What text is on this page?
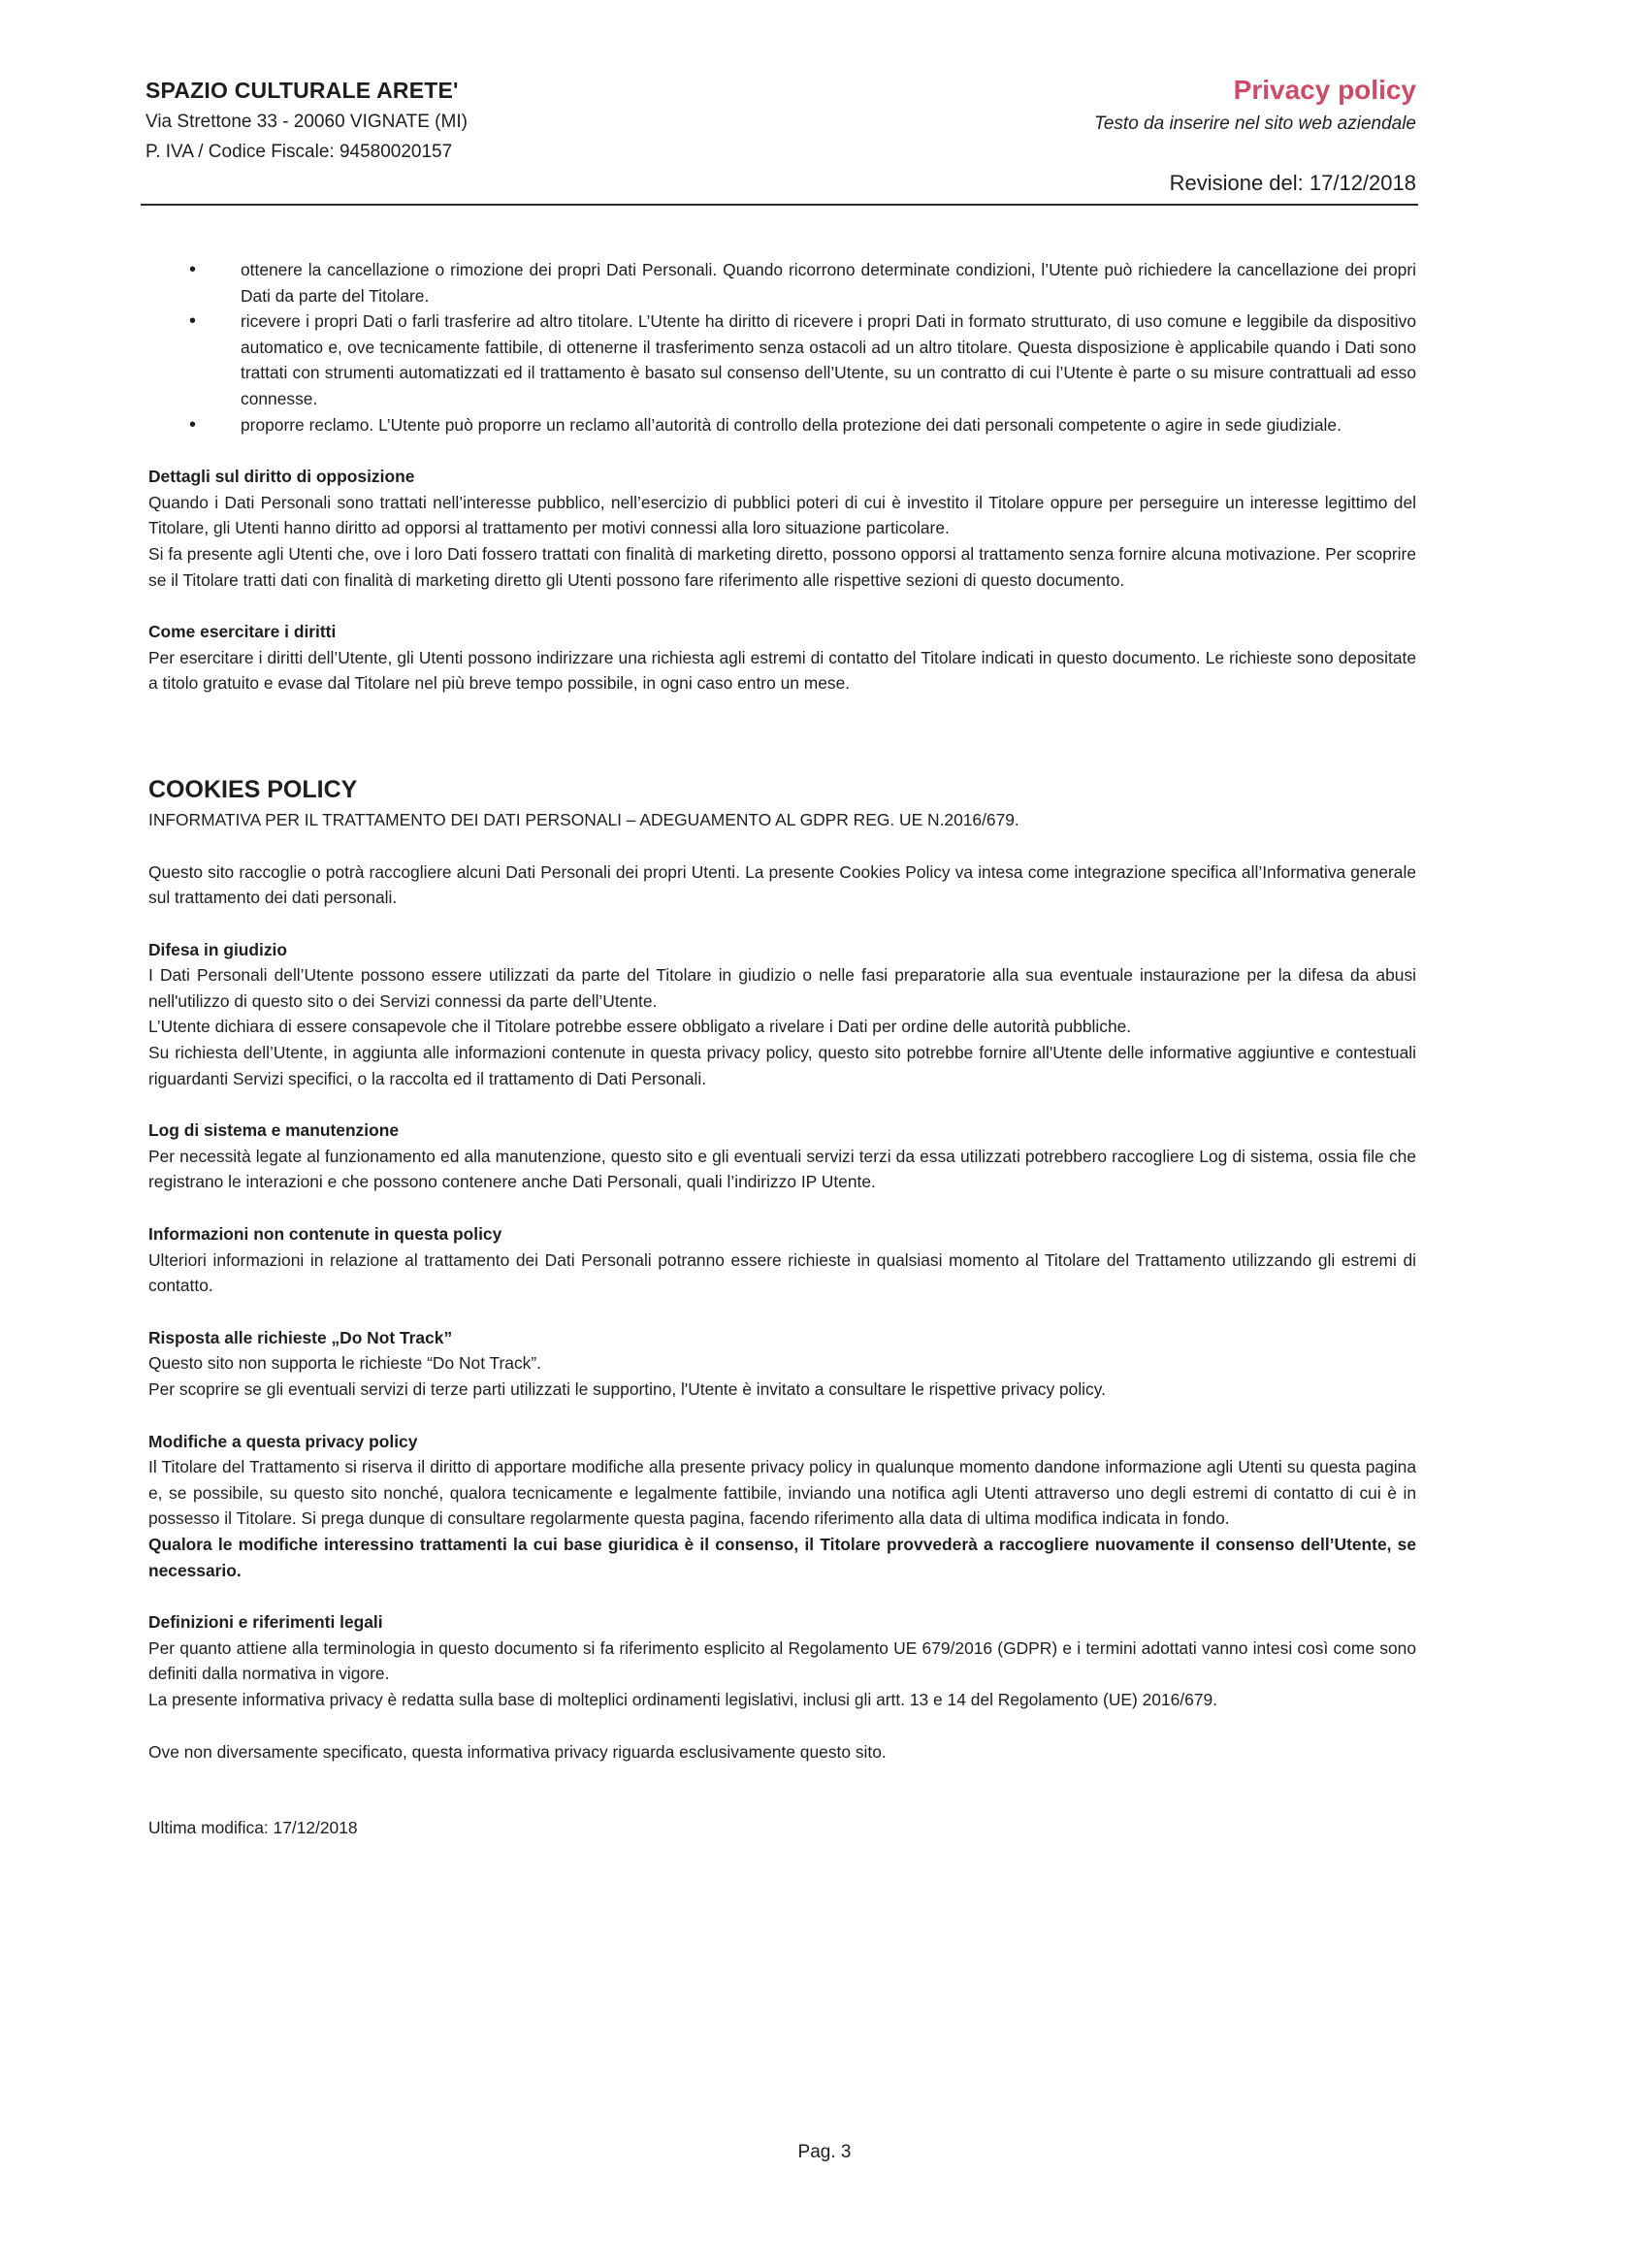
SPAZIO CULTURALE ARETE'

Via Strettone 33 - 20060 VIGNATE (MI)

P. IVA / Codice Fiscale: 94580020157

Privacy policy

Testo da inserire nel sito web aziendale

Revisione del: 17/12/2018
• ottenere la cancellazione o rimozione dei propri Dati Personali. Quando ricorrono determinate condizioni, l’Utente può richiedere la cancellazione dei propri Dati da parte del Titolare.
• ricevere i propri Dati o farli trasferire ad altro titolare. L’Utente ha diritto di ricevere i propri Dati in formato strutturato, di uso comune e leggibile da dispositivo automatico e, ove tecnicamente fattibile, di ottenerne il trasferimento senza ostacoli ad un altro titolare. Questa disposizione è applicabile quando i Dati sono trattati con strumenti automatizzati ed il trattamento è basato sul consenso dell’Utente, su un contratto di cui l’Utente è parte o su misure contrattuali ad esso connesse.
• proporre reclamo. L’Utente può proporre un reclamo all’autorità di controllo della protezione dei dati personali competente o agire in sede giudiziale.

Dettagli sul diritto di opposizione

Quando i Dati Personali sono trattati nell’interesse pubblico, nell’esercizio di pubblici poteri di cui è investito il Titolare oppure per perseguire un interesse legittimo del Titolare, gli Utenti hanno diritto ad opporsi al trattamento per motivi connessi alla loro situazione particolare.

Si fa presente agli Utenti che, ove i loro Dati fossero trattati con finalità di marketing diretto, possono opporsi al trattamento senza fornire alcuna motivazione. Per scoprire se il Titolare tratti dati con finalità di marketing diretto gli Utenti possono fare riferimento alle rispettive sezioni di questo documento.

Come esercitare i diritti

Per esercitare i diritti dell’Utente, gli Utenti possono indirizzare una richiesta agli estremi di contatto del Titolare indicati in questo documento. Le richieste sono depositate a titolo gratuito e evase dal Titolare nel più breve tempo possibile, in ogni caso entro un mese.

COOKIES POLICY

INFORMATIVA PER IL TRATTAMENTO DEI DATI PERSONALI – ADEGUAMENTO AL GDPR REG. UE N.2016/679.

Questo sito raccoglie o potrà raccogliere alcuni Dati Personali dei propri Utenti. La presente Cookies Policy va intesa come integrazione specifica all’Informativa generale sul trattamento dei dati personali.

Difesa in giudizio

I Dati Personali dell’Utente possono essere utilizzati da parte del Titolare in giudizio o nelle fasi preparatorie alla sua eventuale instaurazione per la difesa da abusi nell'utilizzo di questo sito o dei Servizi connessi da parte dell’Utente.

L’Utente dichiara di essere consapevole che il Titolare potrebbe essere obbligato a rivelare i Dati per ordine delle autorità pubbliche.

Su richiesta dell’Utente, in aggiunta alle informazioni contenute in questa privacy policy, questo sito potrebbe fornire all'Utente delle informative aggiuntive e contestuali riguardanti Servizi specifici, o la raccolta ed il trattamento di Dati Personali.

Log di sistema e manutenzione

Per necessità legate al funzionamento ed alla manutenzione, questo sito e gli eventuali servizi terzi da essa utilizzati potrebbero raccogliere Log di sistema, ossia file che registrano le interazioni e che possono contenere anche Dati Personali, quali l’indirizzo IP Utente.

Informazioni non contenute in questa policy

Ulteriori informazioni in relazione al trattamento dei Dati Personali potranno essere richieste in qualsiasi momento al Titolare del Trattamento utilizzando gli estremi di contatto.

Risposta alle richieste „Do Not Track”

Questo sito non supporta le richieste “Do Not Track”.

Per scoprire se gli eventuali servizi di terze parti utilizzati le supportino, l'Utente è invitato a consultare le rispettive privacy policy.

Modifiche a questa privacy policy

Il Titolare del Trattamento si riserva il diritto di apportare modifiche alla presente privacy policy in qualunque momento dandone informazione agli Utenti su questa pagina e, se possibile, su questo sito nonché, qualora tecnicamente e legalmente fattibile, inviando una notifica agli Utenti attraverso uno degli estremi di contatto di cui è in possesso il Titolare. Si prega dunque di consultare regolarmente questa pagina, facendo riferimento alla data di ultima modifica indicata in fondo.

Qualora le modifiche interessino trattamenti la cui base giuridica è il consenso, il Titolare provvederà a raccogliere nuovamente il consenso dell’Utente, se necessario.

Definizioni e riferimenti legali

Per quanto attiene alla terminologia in questo documento si fa riferimento esplicito al Regolamento UE 679/2016 (GDPR) e i termini adottati vanno intesi così come sono definiti dalla normativa in vigore.

La presente informativa privacy è redatta sulla base di molteplici ordinamenti legislativi, inclusi gli artt. 13 e 14 del Regolamento (UE) 2016/679.

Ove non diversamente specificato, questa informativa privacy riguarda esclusivamente questo sito.

Ultima modifica: 17/12/2018

Pag. 3
